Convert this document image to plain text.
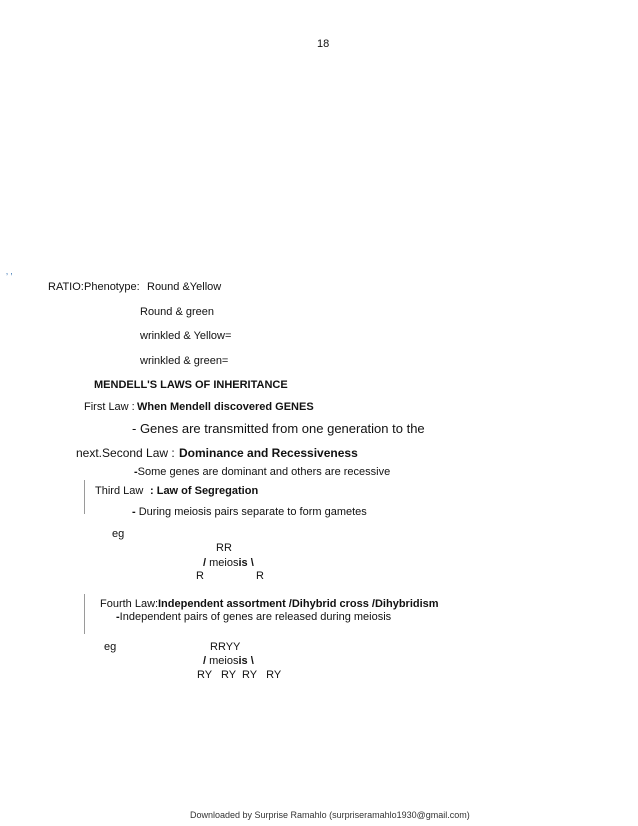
18
‚ ‚
RATIO: Phenotype: Round &Yellow
Round & green
wrinkled & Yellow=
wrinkled & green=
MENDELL'S LAWS OF INHERITANCE
First Law : When Mendell discovered GENES
- Genes are transmitted from one generation to the
next.Second Law : Dominance and Recessiveness
-Some genes are dominant and others are recessive
Third Law : Law of Segregation
- During meiosis pairs separate to form gametes
eg
RR
/ meiosis \
R	R
Fourth Law: Independent assortment /Dihybrid cross /Dihybridism
-Independent pairs of genes are released during meiosis
eg	RRYY
/ meiosis \
RY   RY  RY   RY
Downloaded by Surprise Ramahlo (surpriseramahlo1930@gmail.com)
